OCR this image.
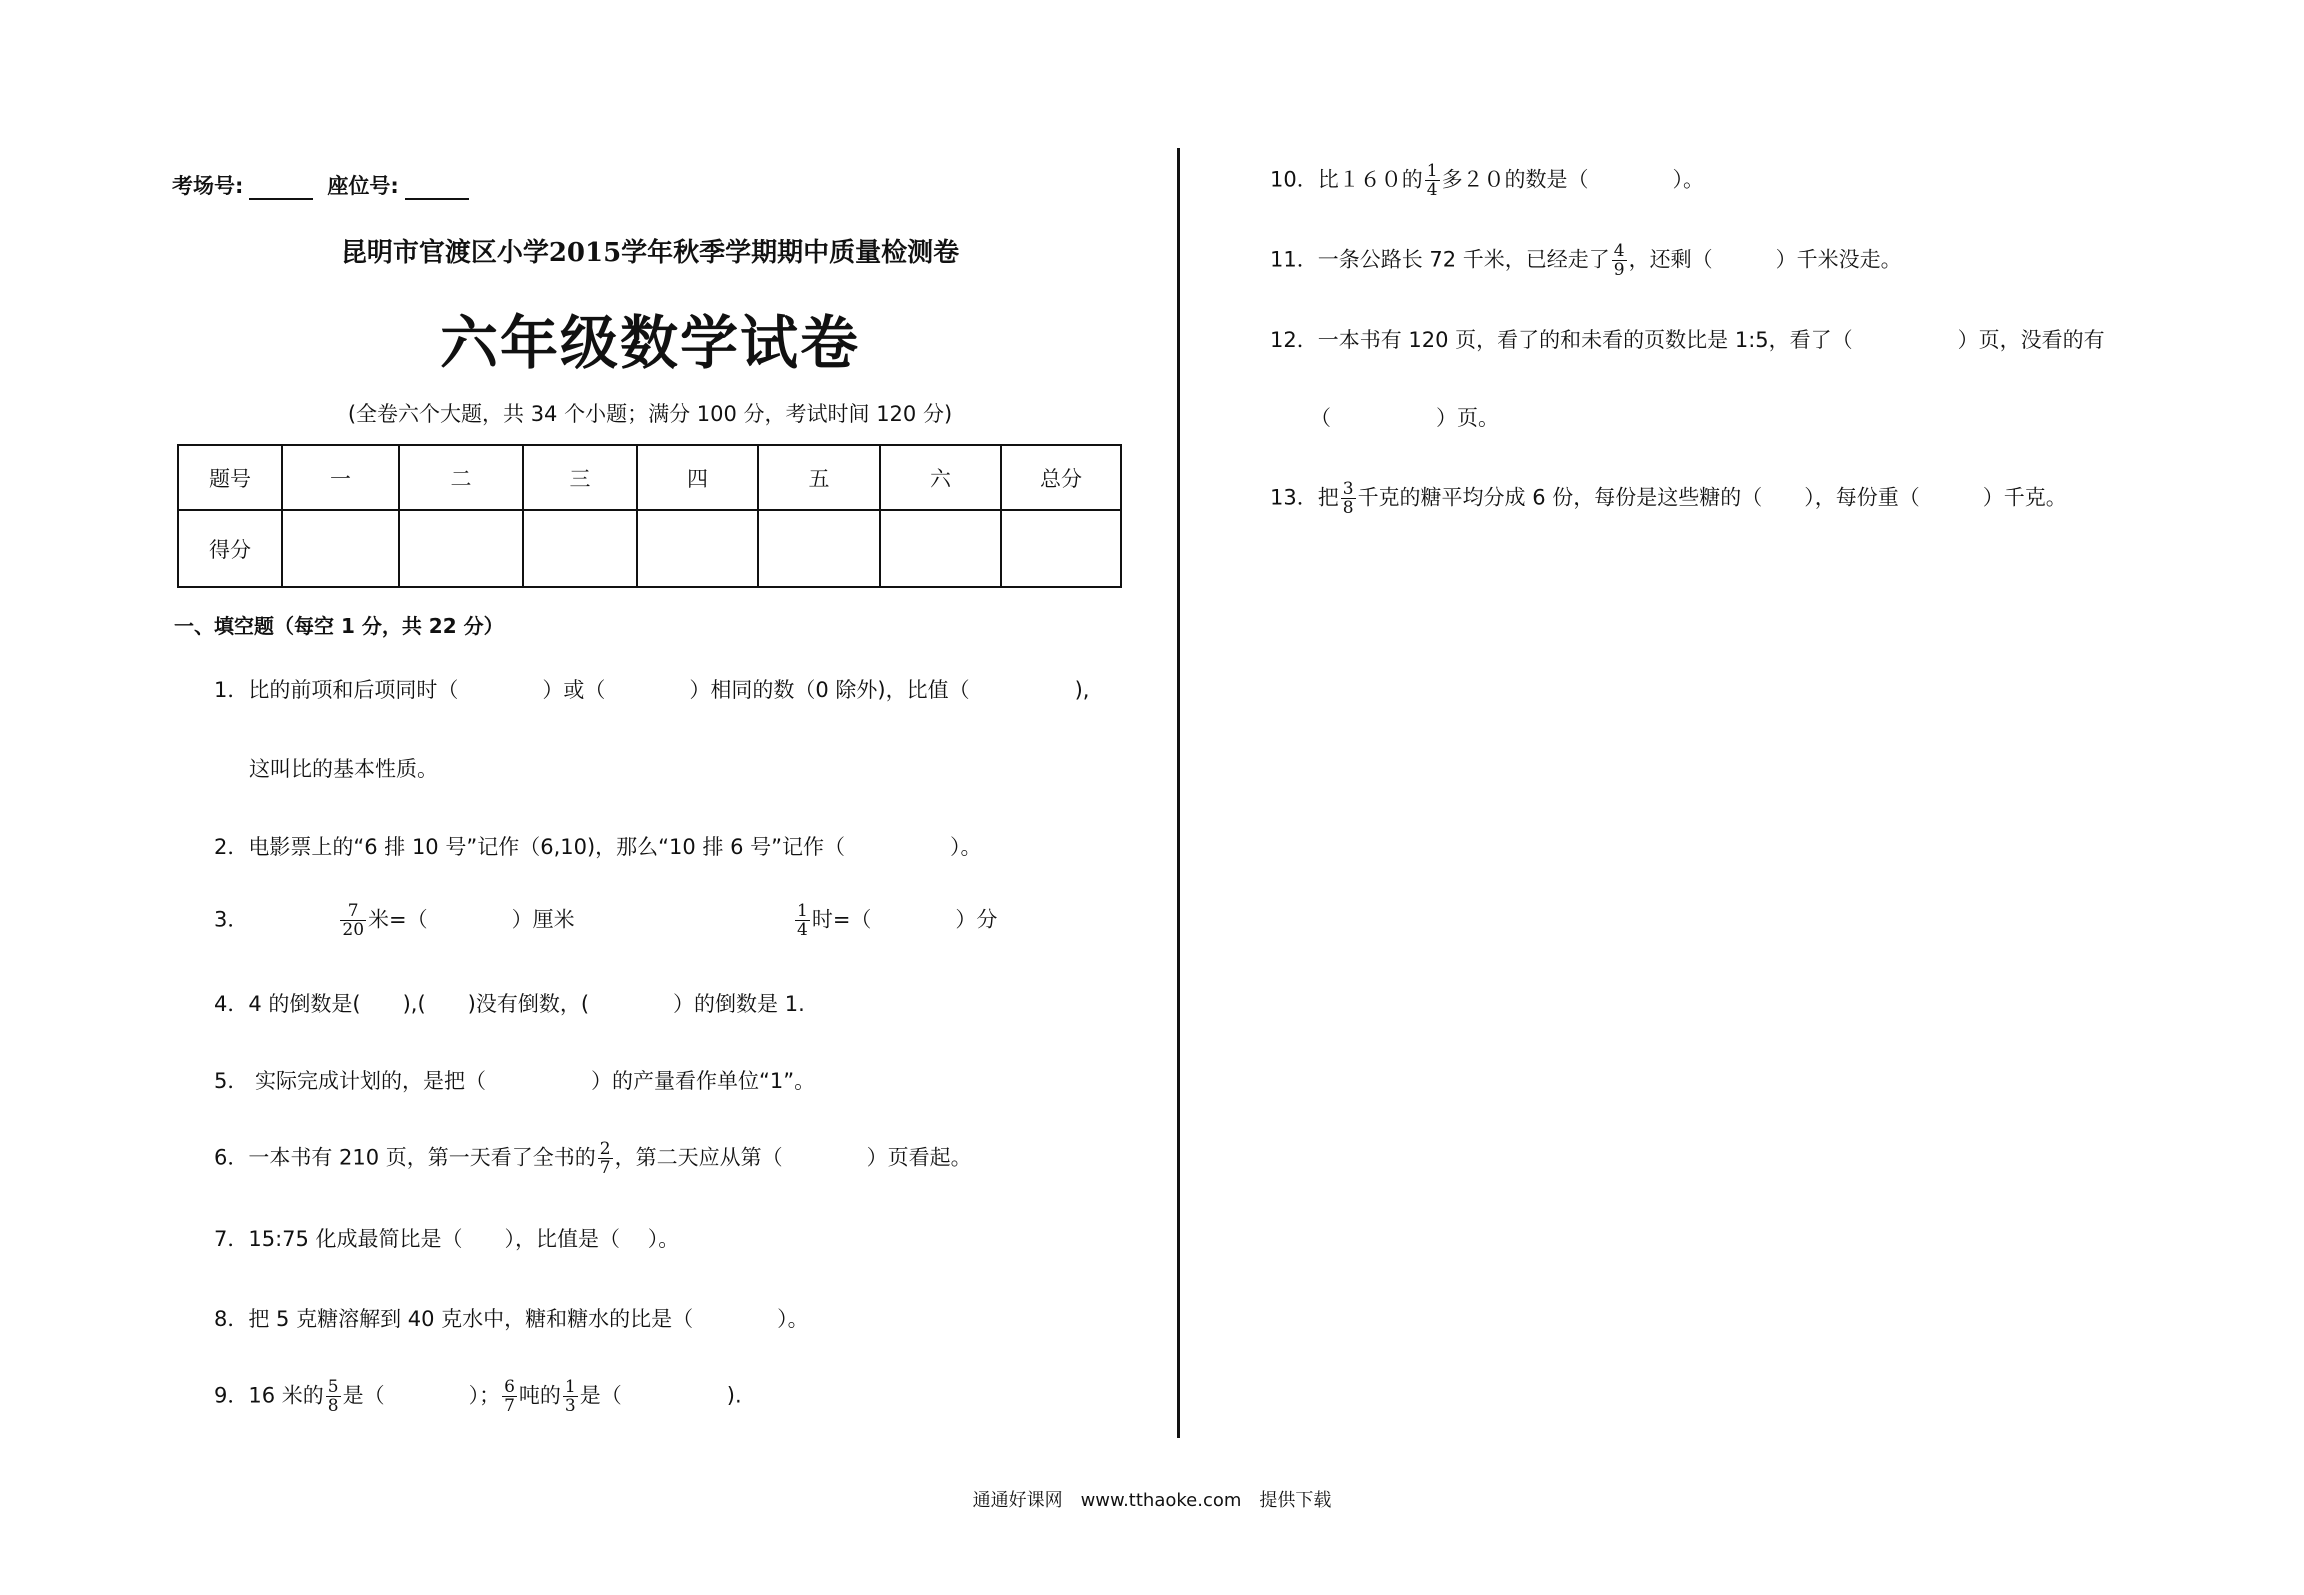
考场号:	座位号:
昆明市官渡区小学2015学年秋季学期期中质量检测卷
六年级数学试卷
(全卷六个大题，共 34 个小题；满分 100 分，考试时间 120 分)
题号	一	二	三	四	五	六	总分
得分							
一、填空题（每空 1 分，共 22 分）
1．比的前项和后项同时（　　　　）或（　　　　）相同的数（0 除外)，比值（　　　　　),
这叫比的基本性质。
2．电影票上的“6 排 10 号”记作（6,10)，那么“10 排 6 号”记作（　　　　　）。
3．	$\frac{7}{20}$ 米=（　　　　）厘米	$\frac{1}{4}$ 时=（　　　　）分
4．4 的倒数是(　　),(　　)没有倒数，(　　　　）的倒数是 1.
5． 实际完成计划的，是把（　　　　　）的产量看作单位“1”。
6．一本书有 210 页，第一天看了全书的 $\frac{2}{7}$ ，第二天应从第（　　　　）页看起。
7．15:75 化成最简比是（　　），比值是（　 ）。
8．把 5 克糖溶解到 40 克水中，糖和糖水的比是（　　　　）。
9．16 米的 $\frac{5}{8}$ 是（　　　　）； $\frac{6}{7}$ 吨的 $\frac{1}{3}$ 是（　　　　　).
10．比１６０的 $\frac{1}{4}$ 多２０的数是（　　　　）。
11．一条公路长 72 千米，已经走了 $\frac{4}{9}$ ，还剩（　　　）千米没走。
12．一本书有 120 页，看了的和未看的页数比是 1:5，看了（　　　　　）页，没看的有
（　　　　　）页。
13．把 $\frac{3}{8}$ 千克的糖平均分成 6 份，每份是这些糖的（　　），每份重（　　　）千克。
通通好课网　www.tthaoke.com　提供下载
